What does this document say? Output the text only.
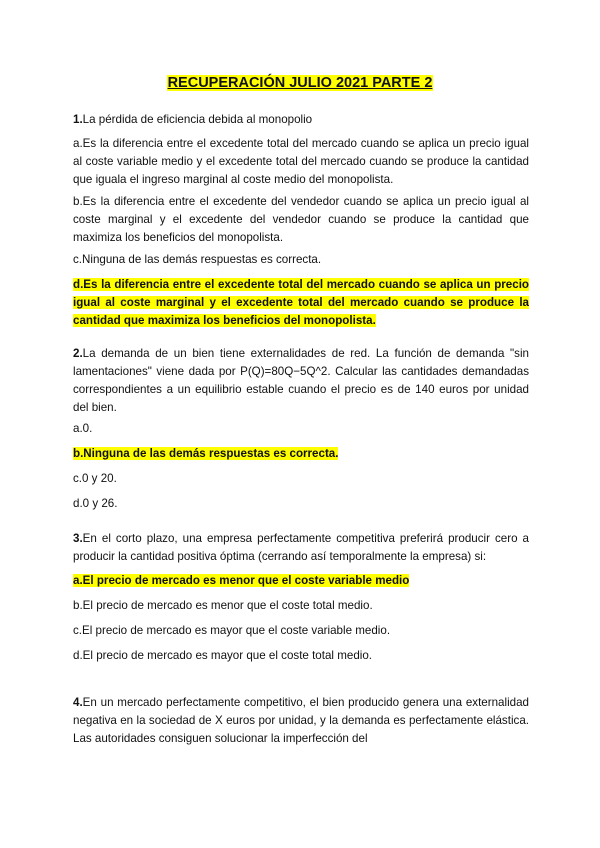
RECUPERACIÓN JULIO 2021 PARTE 2

1.La pérdida de eficiencia debida al monopolio

a.Es la diferencia entre el excedente total del mercado cuando se aplica un precio igual al coste variable medio y el excedente total del mercado cuando se produce la cantidad que iguala el ingreso marginal al coste medio del monopolista.

b.Es la diferencia entre el excedente del vendedor cuando se aplica un precio igual al coste marginal y el excedente del vendedor cuando se produce la cantidad que maximiza los beneficios del monopolista.

c.Ninguna de las demás respuestas es correcta.

d.Es la diferencia entre el excedente total del mercado cuando se aplica un precio igual al coste marginal y el excedente total del mercado cuando se produce la cantidad que maximiza los beneficios del monopolista.

2.La demanda de un bien tiene externalidades de red. La función de demanda "sin lamentaciones" viene dada por P(Q)=80Q−5Q^2. Calcular las cantidades demandadas correspondientes a un equilibrio estable cuando el precio es de 140 euros por unidad del bien.

a.0.

b.Ninguna de las demás respuestas es correcta.

c.0 y 20.

d.0 y 26.

3.En el corto plazo, una empresa perfectamente competitiva preferirá producir cero a producir la cantidad positiva óptima (cerrando así temporalmente la empresa) si:

a.El precio de mercado es menor que el coste variable medio

b.El precio de mercado es menor que el coste total medio.

c.El precio de mercado es mayor que el coste variable medio.

d.El precio de mercado es mayor que el coste total medio.

4.En un mercado perfectamente competitivo, el bien producido genera una externalidad negativa en la sociedad de X euros por unidad, y la demanda es perfectamente elástica. Las autoridades consiguen solucionar la imperfección del
